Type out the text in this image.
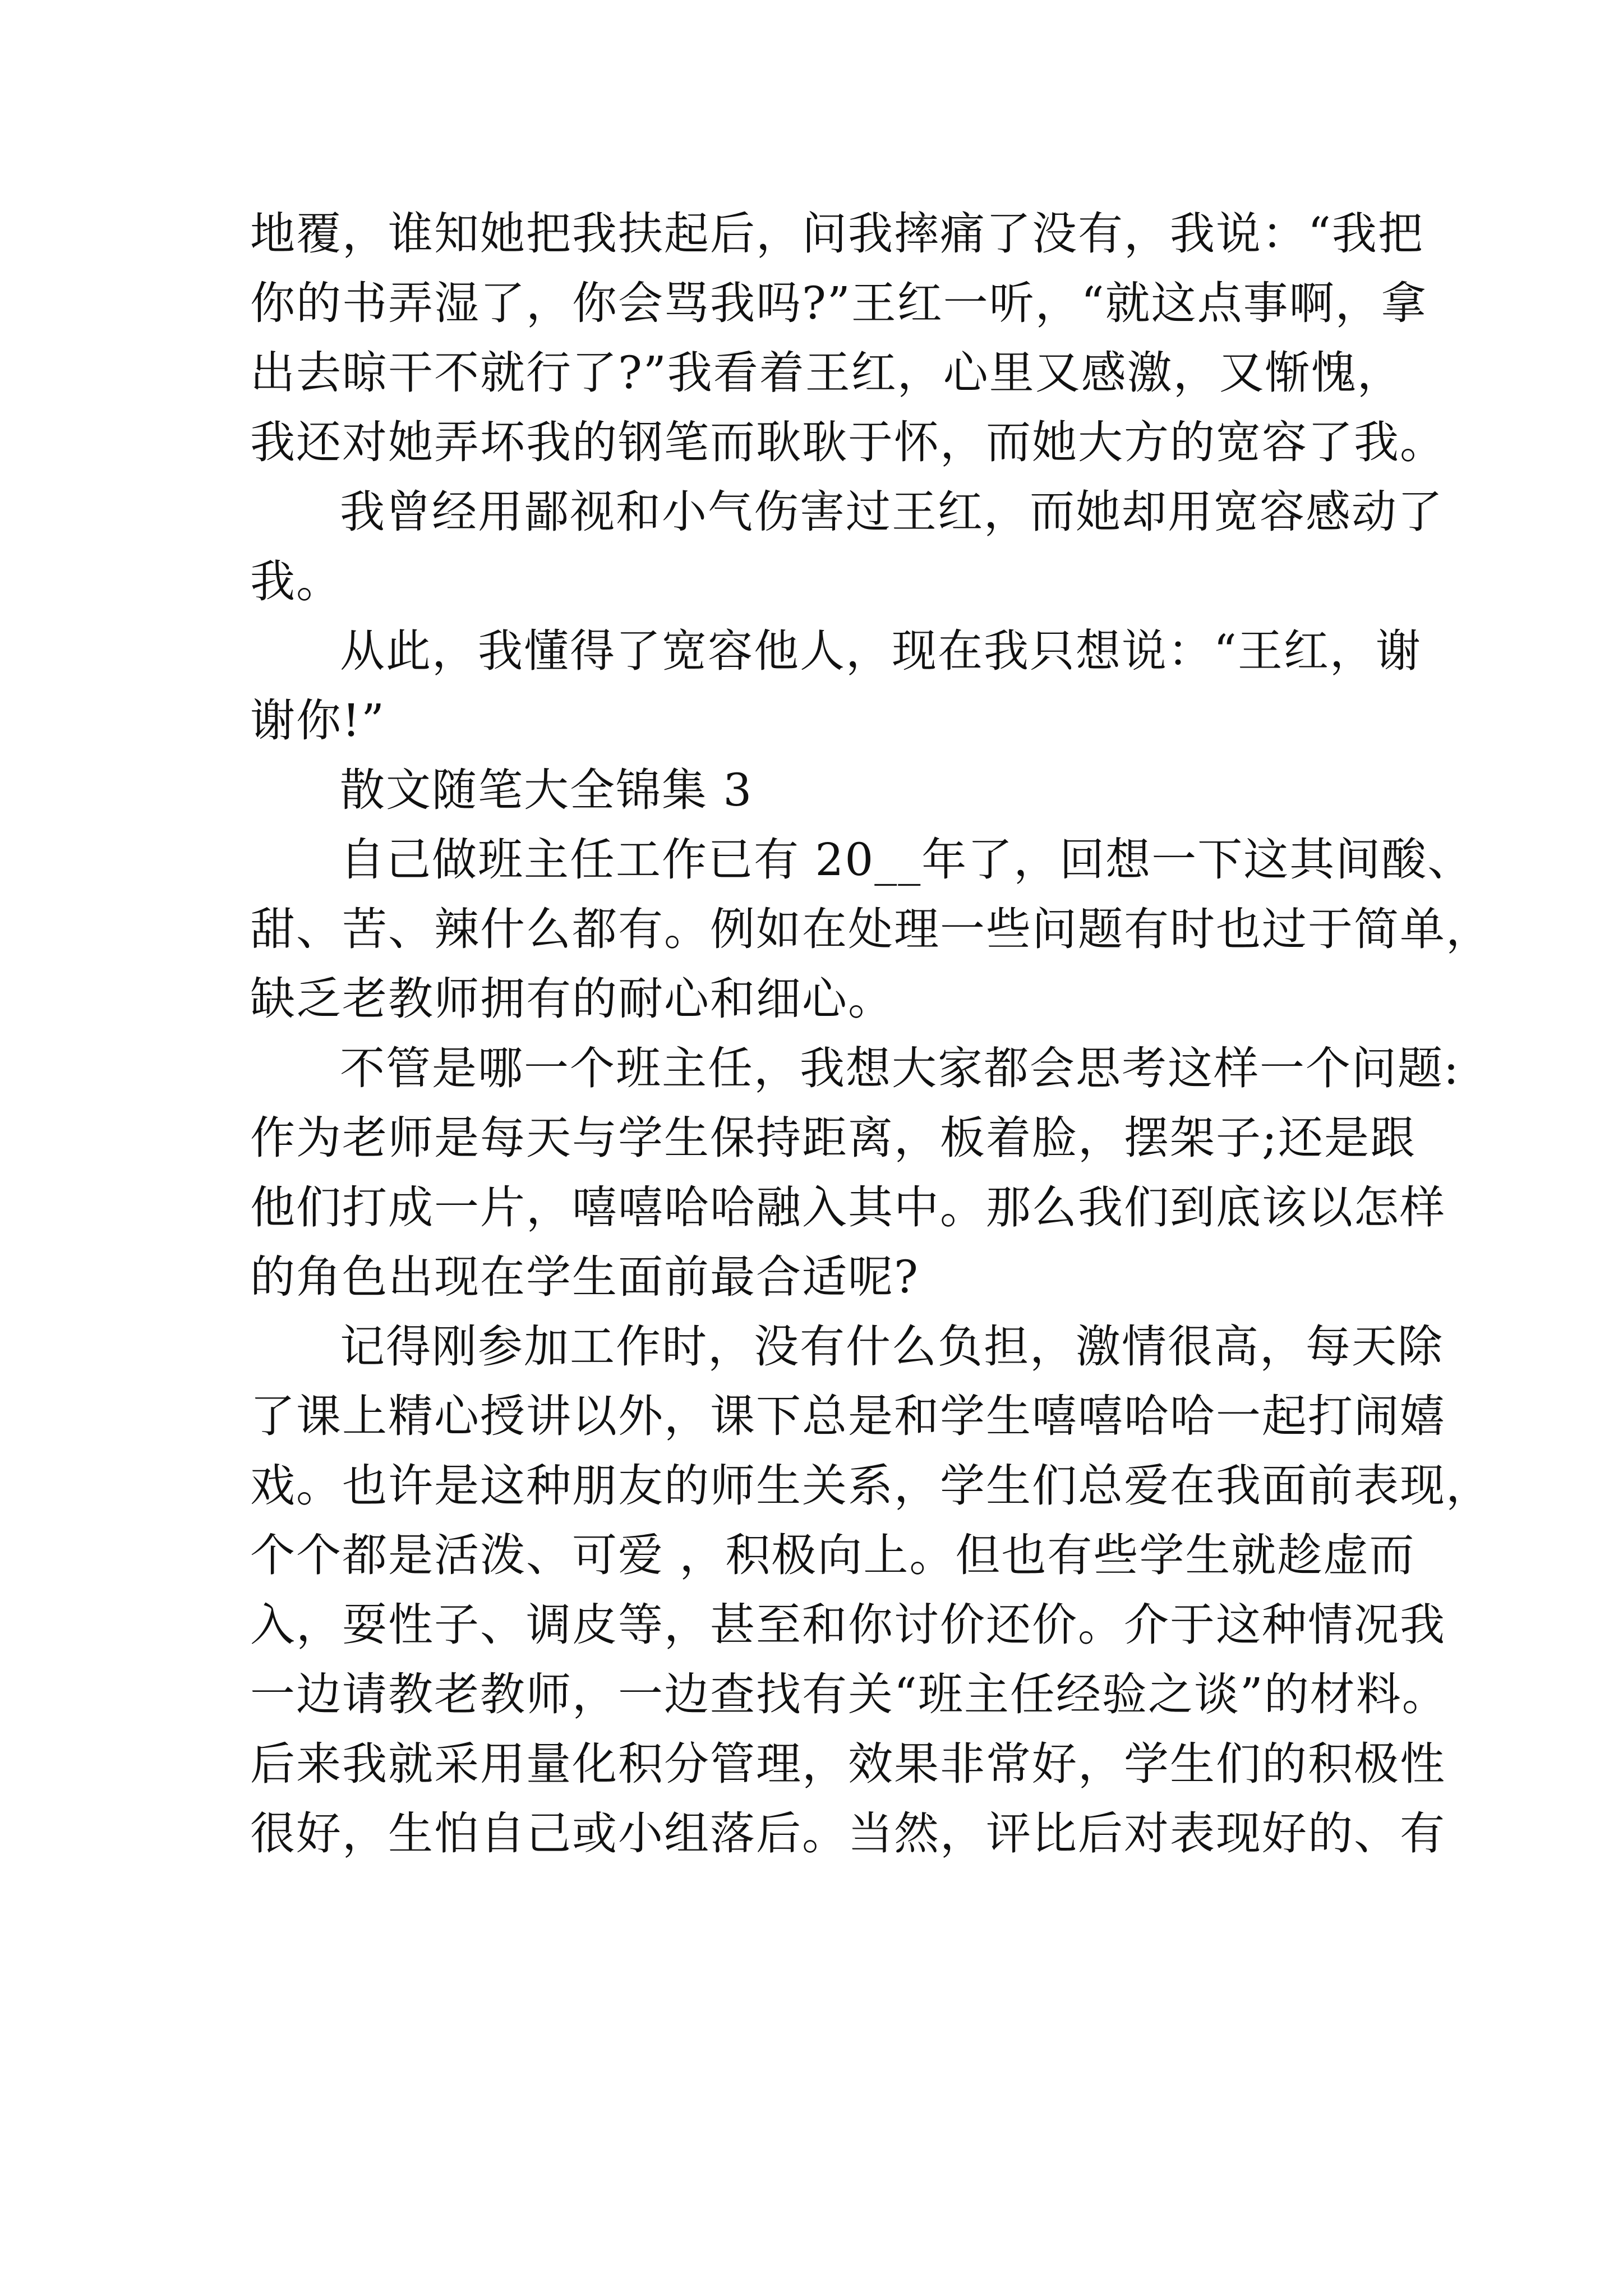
地覆，谁知她把我扶起后，问我摔痛了没有，我说：“我把
你的书弄湿了，你会骂我吗?”王红一听，“就这点事啊，拿
出去晾干不就行了?”我看着王红，心里又感激，又惭愧，
我还对她弄坏我的钢笔而耿耿于怀，而她大方的宽容了我。
我曾经用鄙视和小气伤害过王红，而她却用宽容感动了
我。
从此，我懂得了宽容他人，现在我只想说：“王红，谢
谢你!”
散文随笔大全锦集 3
自己做班主任工作已有 20__年了，回想一下这其间酸、
甜、苦、辣什么都有。例如在处理一些问题有时也过于简单，
缺乏老教师拥有的耐心和细心。
不管是哪一个班主任，我想大家都会思考这样一个问题:
作为老师是每天与学生保持距离，板着脸，摆架子;还是跟
他们打成一片，嘻嘻哈哈融入其中。那么我们到底该以怎样
的角色出现在学生面前最合适呢?
记得刚参加工作时，没有什么负担，激情很高，每天除
了课上精心授讲以外，课下总是和学生嘻嘻哈哈一起打闹嬉
戏。也许是这种朋友的师生关系，学生们总爱在我面前表现，
个个都是活泼、可爱 ，积极向上。但也有些学生就趁虚而
入，耍性子、调皮等，甚至和你讨价还价。介于这种情况我
一边请教老教师，一边查找有关“班主任经验之谈”的材料。
后来我就采用量化积分管理，效果非常好，学生们的积极性
很好，生怕自己或小组落后。当然，评比后对表现好的、有
